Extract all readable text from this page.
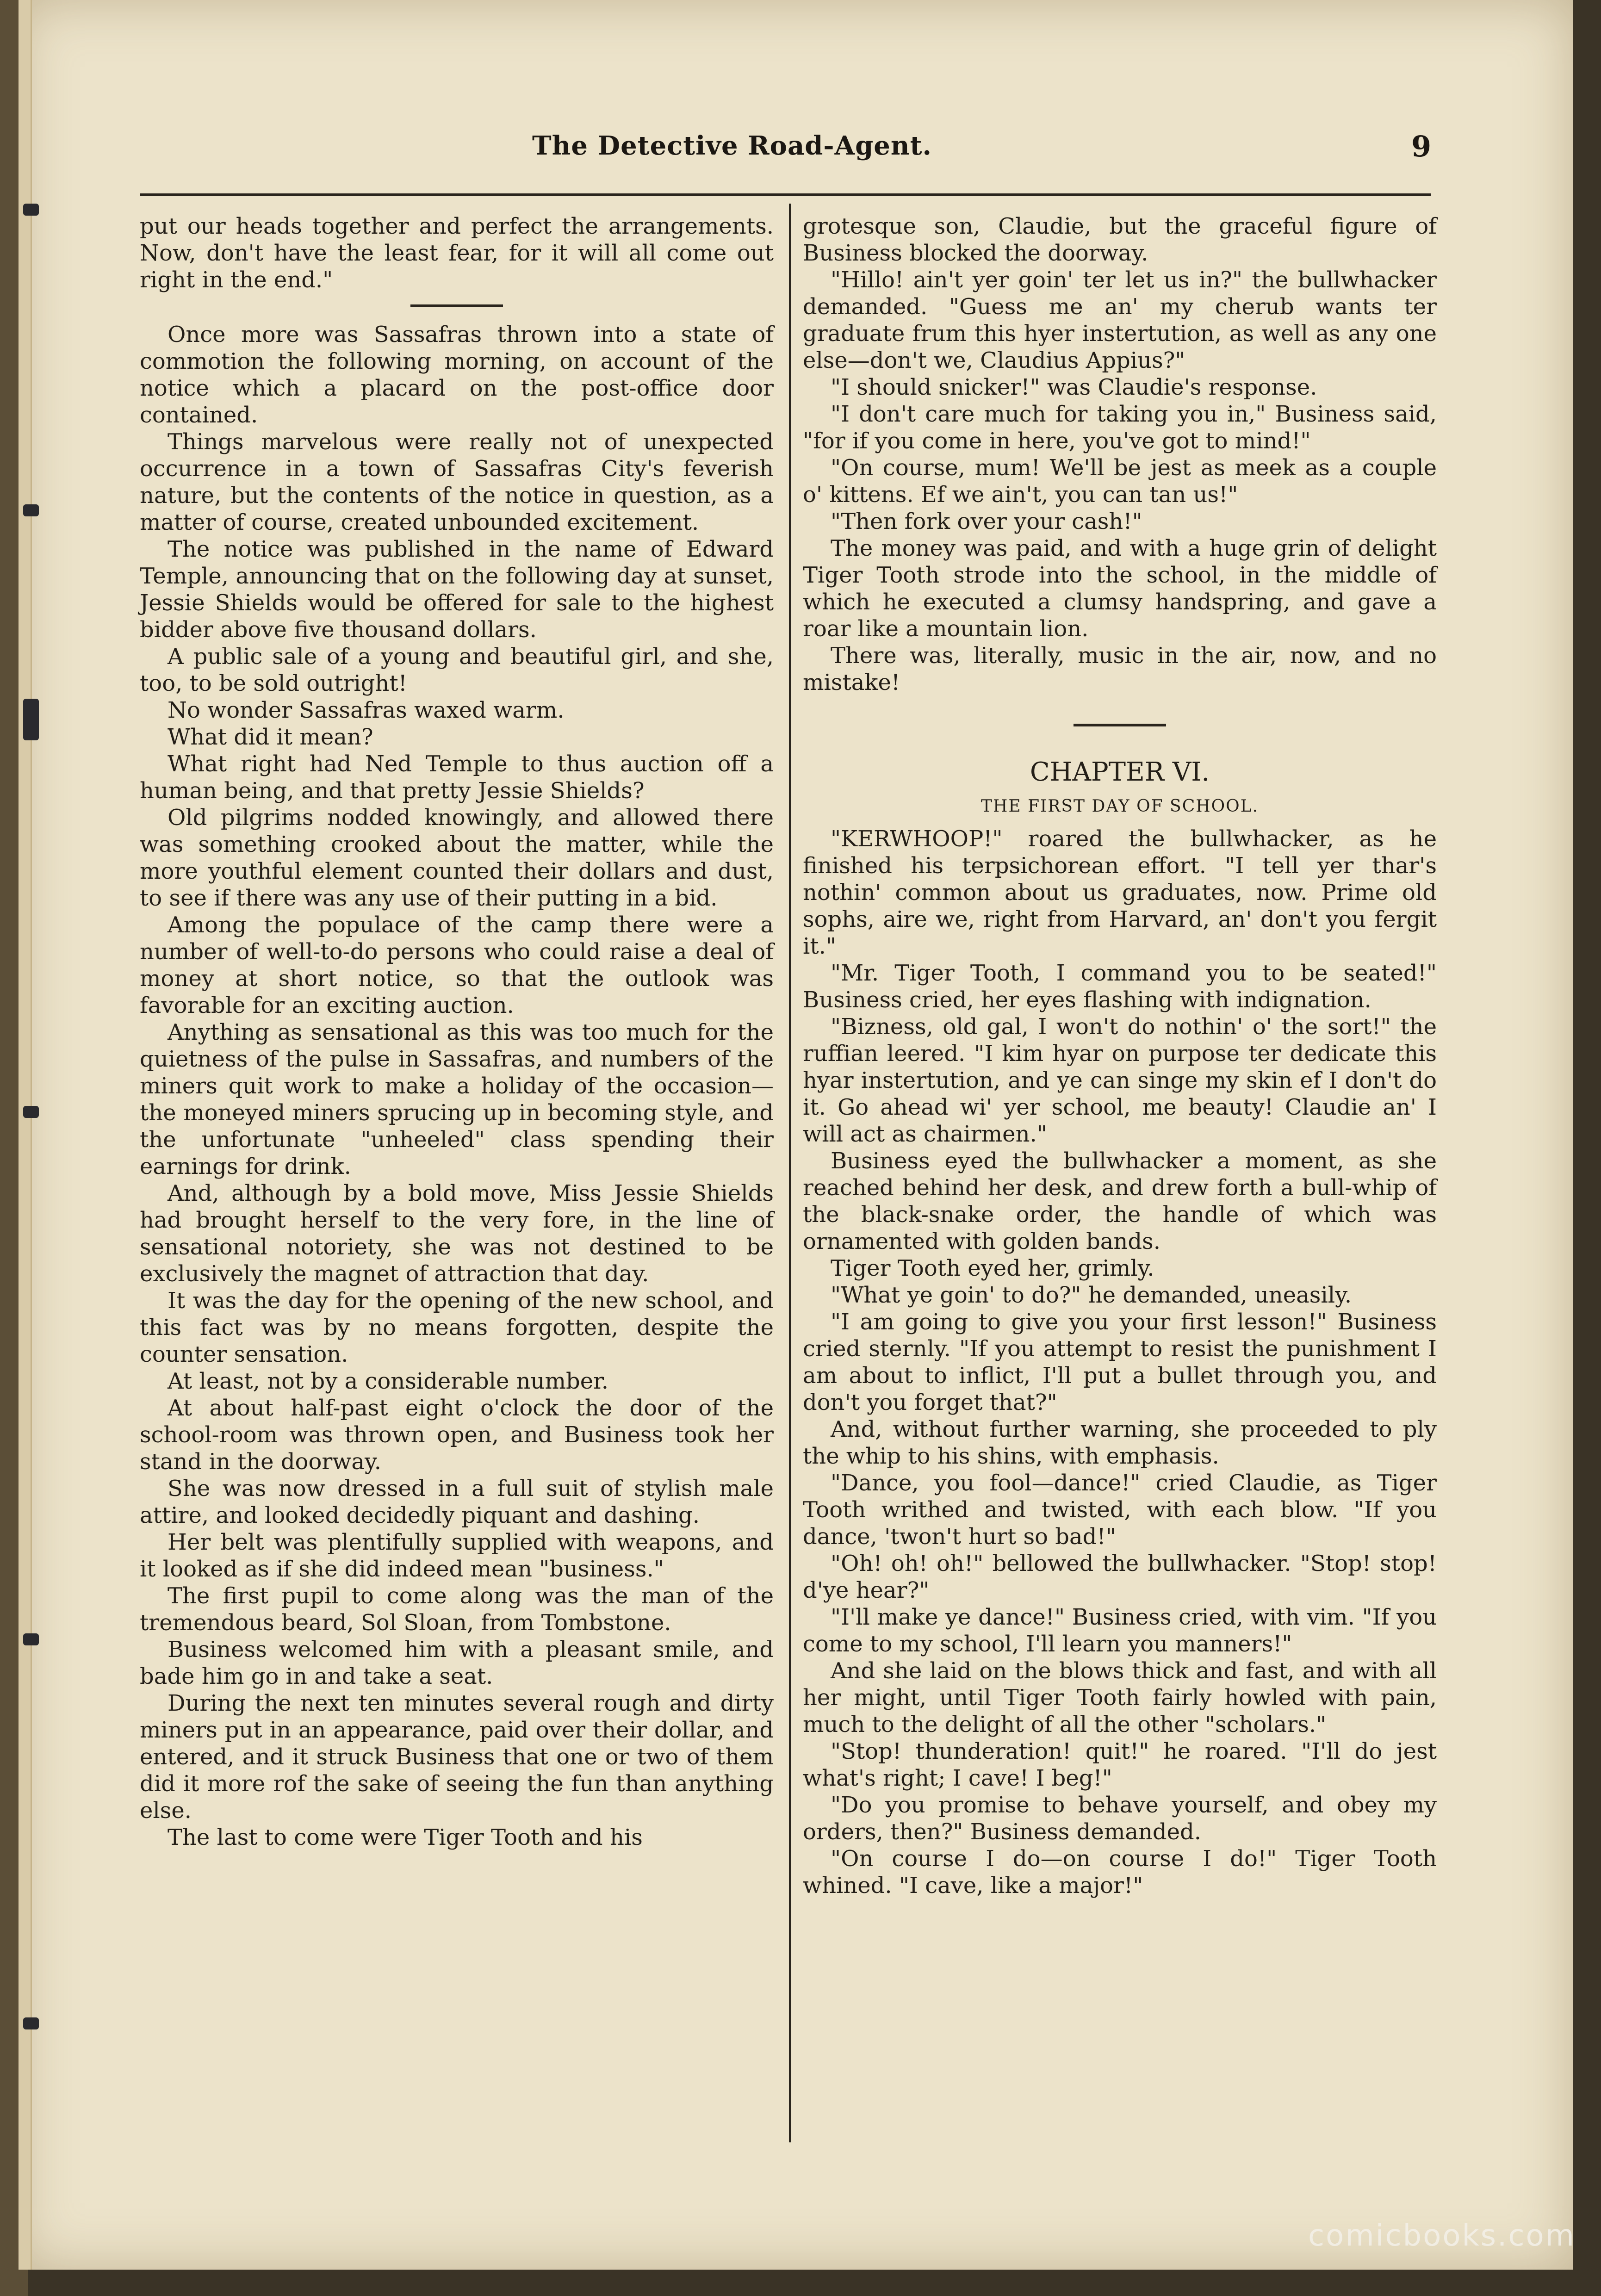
The Detective Road-Agent.	9

put our heads together and perfect the arrangements. Now, don't have the least fear, for it will all come out right in the end."

Once more was Sassafras thrown into a state of commotion the following morning, on account of the notice which a placard on the post-office door contained.

Things marvelous were really not of unexpected occurrence in a town of Sassafras City's feverish nature, but the contents of the notice in question, as a matter of course, created unbounded excitement.

The notice was published in the name of Edward Temple, announcing that on the following day at sunset, Jessie Shields would be offered for sale to the highest bidder above five thousand dollars.

A public sale of a young and beautiful girl, and she, too, to be sold outright!

No wonder Sassafras waxed warm.

What did it mean?

What right had Ned Temple to thus auction off a human being, and that pretty Jessie Shields?

Old pilgrims nodded knowingly, and allowed there was something crooked about the matter, while the more youthful element counted their dollars and dust, to see if there was any use of their putting in a bid.

Among the populace of the camp there were a number of well-to-do persons who could raise a deal of money at short notice, so that the outlook was favorable for an exciting auction.

Anything as sensational as this was too much for the quietness of the pulse in Sassafras, and numbers of the miners quit work to make a holiday of the occasion—the moneyed miners sprucing up in becoming style, and the unfortunate "unheeled" class spending their earnings for drink.

And, although by a bold move, Miss Jessie Shields had brought herself to the very fore, in the line of sensational notoriety, she was not destined to be exclusively the magnet of attraction that day.

It was the day for the opening of the new school, and this fact was by no means forgotten, despite the counter sensation.

At least, not by a considerable number.

At about half-past eight o'clock the door of the school-room was thrown open, and Business took her stand in the doorway.

She was now dressed in a full suit of stylish male attire, and looked decidedly piquant and dashing.

Her belt was plentifully supplied with weapons, and it looked as if she did indeed mean "business."

The first pupil to come along was the man of the tremendous beard, Sol Sloan, from Tombstone.

Business welcomed him with a pleasant smile, and bade him go in and take a seat.

During the next ten minutes several rough and dirty miners put in an appearance, paid over their dollar, and entered, and it struck Business that one or two of them did it more rof the sake of seeing the fun than anything else.

The last to come were Tiger Tooth and his

grotesque son, Claudie, but the graceful figure of Business blocked the doorway.

"Hillo! ain't yer goin' ter let us in?" the bullwhacker demanded. "Guess me an' my cherub wants ter graduate frum this hyer instertution, as well as any one else—don't we, Claudius Appius?"

"I should snicker!" was Claudie's response.

"I don't care much for taking you in," Business said, "for if you come in here, you've got to mind!"

"On course, mum! We'll be jest as meek as a couple o' kittens. Ef we ain't, you can tan us!"

"Then fork over your cash!"

The money was paid, and with a huge grin of delight Tiger Tooth strode into the school, in the middle of which he executed a clumsy handspring, and gave a roar like a mountain lion.

There was, literally, music in the air, now, and no mistake!

CHAPTER VI.
THE FIRST DAY OF SCHOOL.

"KERWHOOP!" roared the bullwhacker, as he finished his terpsichorean effort. "I tell yer thar's nothin' common about us graduates, now. Prime old sophs, aire we, right from Harvard, an' don't you fergit it."

"Mr. Tiger Tooth, I command you to be seated!" Business cried, her eyes flashing with indignation.

"Bizness, old gal, I won't do nothin' o' the sort!" the ruffian leered. "I kim hyar on purpose ter dedicate this hyar instertution, and ye can singe my skin ef I don't do it. Go ahead wi' yer school, me beauty! Claudie an' I will act as chairmen."

Business eyed the bullwhacker a moment, as she reached behind her desk, and drew forth a bull-whip of the black-snake order, the handle of which was ornamented with golden bands.

Tiger Tooth eyed her, grimly.

"What ye goin' to do?" he demanded, uneasily.

"I am going to give you your first lesson!" Business cried sternly. "If you attempt to resist the punishment I am about to inflict, I'll put a bullet through you, and don't you forget that?"

And, without further warning, she proceeded to ply the whip to his shins, with emphasis.

"Dance, you fool—dance!" cried Claudie, as Tiger Tooth writhed and twisted, with each blow. "If you dance, 'twon't hurt so bad!"

"Oh! oh! oh!" bellowed the bullwhacker. "Stop! stop! d'ye hear?"

"I'll make ye dance!" Business cried, with vim. "If you come to my school, I'll learn you manners!"

And she laid on the blows thick and fast, and with all her might, until Tiger Tooth fairly howled with pain, much to the delight of all the other "scholars."

"Stop! thunderation! quit!" he roared. "I'll do jest what's right; I cave! I beg!"

"Do you promise to behave yourself, and obey my orders, then?" Business demanded.

"On course I do—on course I do!" Tiger Tooth whined. "I cave, like a major!"

comicbooks.com
